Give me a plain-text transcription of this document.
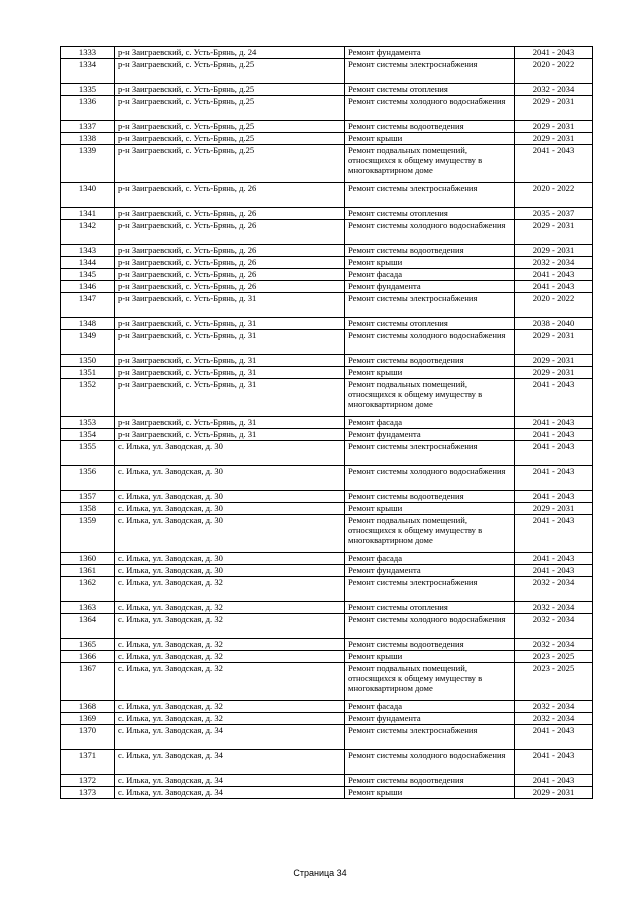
1333	р-н Заиграевский, с. Усть-Брянь, д. 24	Ремонт фундамента	2041 - 2043
1334	р-н Заиграевский, с. Усть-Брянь, д.25	Ремонт системы электроснабжения	2020 - 2022
1335	р-н Заиграевский, с. Усть-Брянь, д.25	Ремонт системы отопления	2032 - 2034
1336	р-н Заиграевский, с. Усть-Брянь, д.25	Ремонт системы холодного водоснабжения	2029 - 2031
1337	р-н Заиграевский, с. Усть-Брянь, д.25	Ремонт системы водоотведения	2029 - 2031
1338	р-н Заиграевский, с. Усть-Брянь, д.25	Ремонт крыши	2029 - 2031
1339	р-н Заиграевский, с. Усть-Брянь, д.25	Ремонт подвальных помещений, относящихся к общему имуществу в многоквартирном доме	2041 - 2043
1340	р-н Заиграевский, с. Усть-Брянь, д. 26	Ремонт системы электроснабжения	2020 - 2022
1341	р-н Заиграевский, с. Усть-Брянь, д. 26	Ремонт системы отопления	2035 - 2037
1342	р-н Заиграевский, с. Усть-Брянь, д. 26	Ремонт системы холодного водоснабжения	2029 - 2031
1343	р-н Заиграевский, с. Усть-Брянь, д. 26	Ремонт системы водоотведения	2029 - 2031
1344	р-н Заиграевский, с. Усть-Брянь, д. 26	Ремонт крыши	2032 - 2034
1345	р-н Заиграевский, с. Усть-Брянь, д. 26	Ремонт фасада	2041 - 2043
1346	р-н Заиграевский, с. Усть-Брянь, д. 26	Ремонт фундамента	2041 - 2043
1347	р-н Заиграевский, с. Усть-Брянь, д. 31	Ремонт системы электроснабжения	2020 - 2022
1348	р-н Заиграевский, с. Усть-Брянь, д. 31	Ремонт системы отопления	2038 - 2040
1349	р-н Заиграевский, с. Усть-Брянь, д. 31	Ремонт системы холодного водоснабжения	2029 - 2031
1350	р-н Заиграевский, с. Усть-Брянь, д. 31	Ремонт системы водоотведения	2029 - 2031
1351	р-н Заиграевский, с. Усть-Брянь, д. 31	Ремонт крыши	2029 - 2031
1352	р-н Заиграевский, с. Усть-Брянь, д. 31	Ремонт подвальных помещений, относящихся к общему имуществу в многоквартирном доме	2041 - 2043
1353	р-н Заиграевский, с. Усть-Брянь, д. 31	Ремонт фасада	2041 - 2043
1354	р-н Заиграевский, с. Усть-Брянь, д. 31	Ремонт фундамента	2041 - 2043
1355	с. Илька, ул. Заводская, д. 30	Ремонт системы электроснабжения	2041 - 2043
1356	с. Илька, ул. Заводская, д. 30	Ремонт системы холодного водоснабжения	2041 - 2043
1357	с. Илька, ул. Заводская, д. 30	Ремонт системы водоотведения	2041 - 2043
1358	с. Илька, ул. Заводская, д. 30	Ремонт крыши	2029 - 2031
1359	с. Илька, ул. Заводская, д. 30	Ремонт подвальных помещений, относящихся к общему имуществу в многоквартирном доме	2041 - 2043
1360	с. Илька, ул. Заводская, д. 30	Ремонт фасада	2041 - 2043
1361	с. Илька, ул. Заводская, д. 30	Ремонт фундамента	2041 - 2043
1362	с. Илька, ул. Заводская, д. 32	Ремонт системы электроснабжения	2032 - 2034
1363	с. Илька, ул. Заводская, д. 32	Ремонт системы отопления	2032 - 2034
1364	с. Илька, ул. Заводская, д. 32	Ремонт системы холодного водоснабжения	2032 - 2034
1365	с. Илька, ул. Заводская, д. 32	Ремонт системы водоотведения	2032 - 2034
1366	с. Илька, ул. Заводская, д. 32	Ремонт крыши	2023 - 2025
1367	с. Илька, ул. Заводская, д. 32	Ремонт подвальных помещений, относящихся к общему имуществу в многоквартирном доме	2023 - 2025
1368	с. Илька, ул. Заводская, д. 32	Ремонт фасада	2032 - 2034
1369	с. Илька, ул. Заводская, д. 32	Ремонт фундамента	2032 - 2034
1370	с. Илька, ул. Заводская, д. 34	Ремонт системы электроснабжения	2041 - 2043
1371	с. Илька, ул. Заводская, д. 34	Ремонт системы холодного водоснабжения	2041 - 2043
1372	с. Илька, ул. Заводская, д. 34	Ремонт системы водоотведения	2041 - 2043
1373	с. Илька, ул. Заводская, д. 34	Ремонт крыши	2029 - 2031
Страница 34
